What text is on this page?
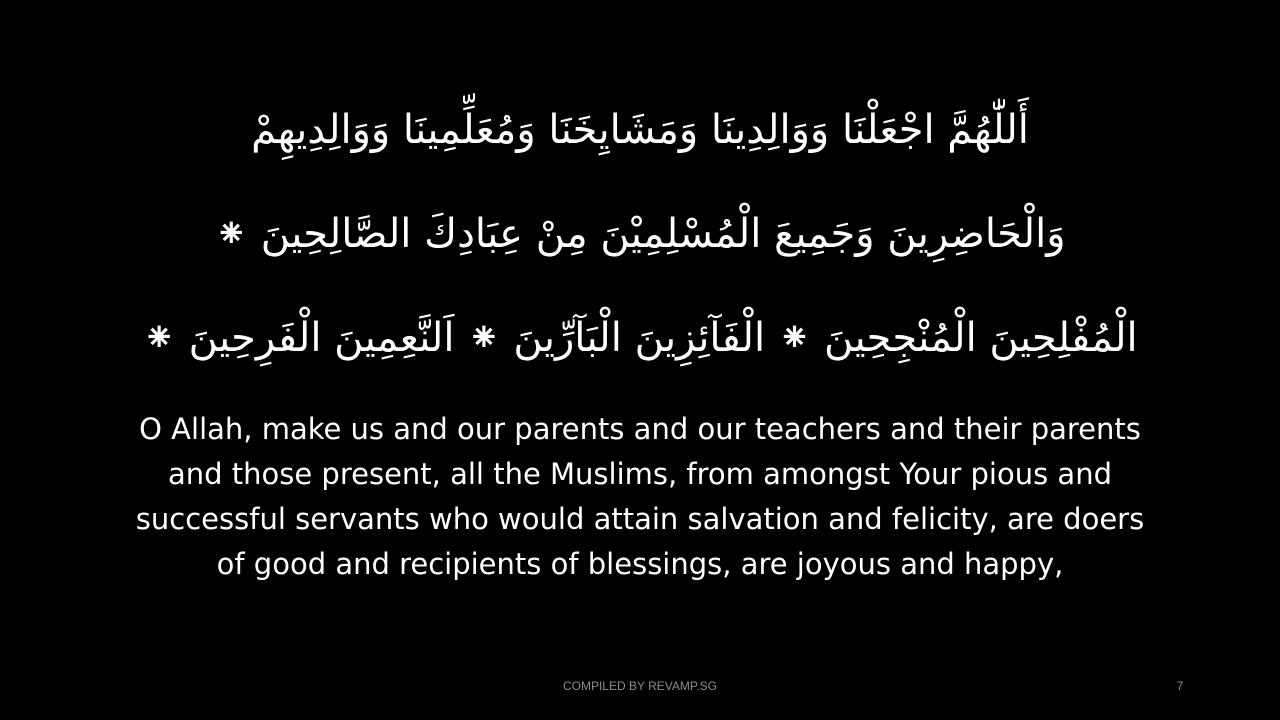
أَللّٰهُمَّ اجْعَلْنَا وَوَالِدِينَا وَمَشَايِخَنَا وَمُعَلِّمِينَا وَوَالِدِيهِمْ
وَالْحَاضِرِينَ وَجَمِيعَ الْمُسْلِمِيْنَ مِنْ عِبَادِكَ الصَّالِحِينَ ⁕
الْمُفْلِحِينَ الْمُنْجِحِينَ ⁕ الْفَآئِزِينَ الْبَآرِّينَ ⁕ اَلنَّعِمِينَ الْفَرِحِينَ ⁕
O Allah, make us and our parents and our teachers and their parents
and those present, all the Muslims, from amongst Your pious and
successful servants who would attain salvation and felicity, are doers
of good and recipients of blessings, are joyous and happy,
COMPILED BY REVAMP.SG	7
